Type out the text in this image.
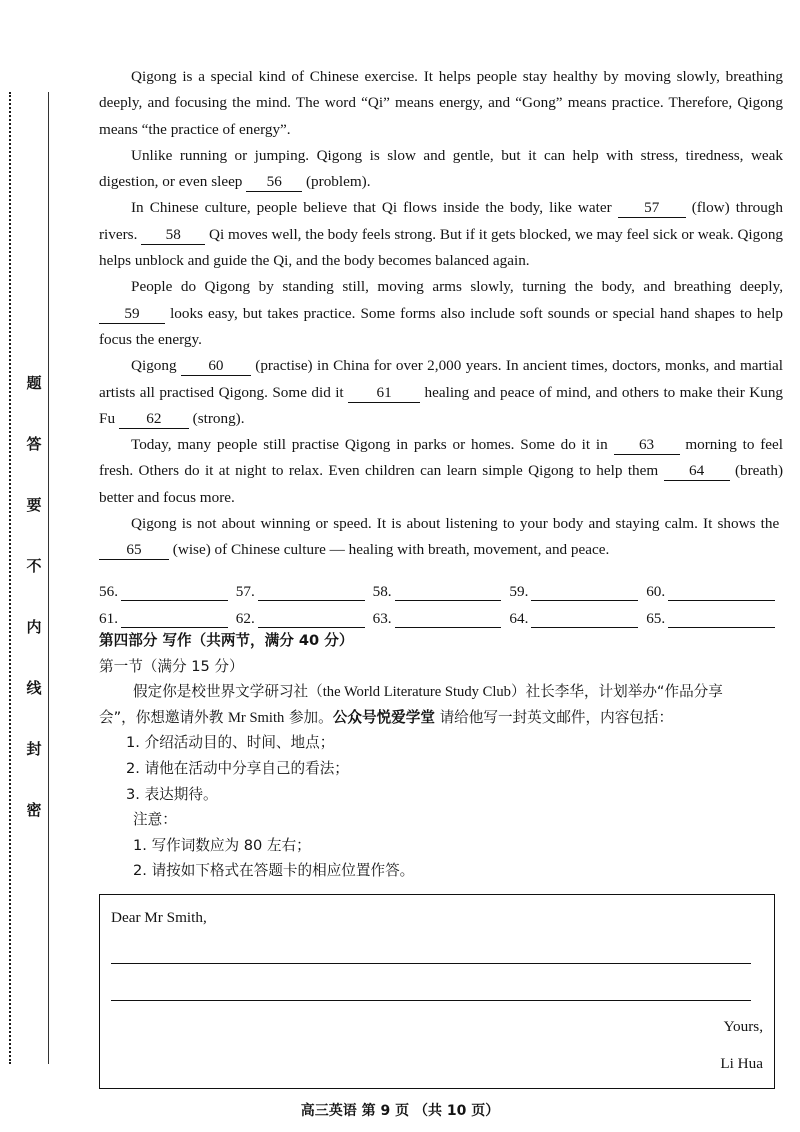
题
答
要
不
内
线
封
密

Qigong is a special kind of Chinese exercise. It helps people stay healthy by moving slowly, breathing deeply, and focusing the mind. The word “Qi” means energy, and “Gong” means practice. Therefore, Qigong means “the practice of energy”.

Unlike running or jumping. Qigong is slow and gentle, but it can help with stress, tiredness, weak digestion, or even sleep 56 (problem).

In Chinese culture, people believe that Qi flows inside the body, like water 57 (flow) through rivers. 58 Qi moves well, the body feels strong. But if it gets blocked, we may feel sick or weak. Qigong helps unblock and guide the Qi, and the body becomes balanced again.

People do Qigong by standing still, moving arms slowly, turning the body, and breathing deeply, 59 looks easy, but takes practice. Some forms also include soft sounds or special hand shapes to help focus the energy.

Qigong 60 (practise) in China for over 2,000 years. In ancient times, doctors, monks, and martial artists all practised Qigong. Some did it 61 healing and peace of mind, and others to make their Kung Fu 62 (strong).

Today, many people still practise Qigong in parks or homes. Some do it in 63 morning to feel fresh. Others do it at night to relax. Even children can learn simple Qigong to help them 64 (breath) better and focus more.

Qigong is not about winning or speed. It is about listening to your body and staying calm. It shows the 65 (wise) of Chinese culture — healing with breath, movement, and peace.

56.	57.	58.	59.	60.
61.	62.	63.	64.	65.
第四部分 写作（共两节，满分 40 分）
第一节（满分 15 分）
假定你是校世界文学研习社（the World Literature Study Club）社长李华，计划举办“作品分享
会”，你想邀请外教 Mr Smith 参加。公众号悦爱学堂 请给他写一封英文邮件，内容包括：
1. 介绍活动目的、时间、地点；
2. 请他在活动中分享自己的看法；
3. 表达期待。
注意：
1. 写作词数应为 80 左右；
2. 请按如下格式在答题卡的相应位置作答。
Dear Mr Smith,
Yours,
Li Hua
高三英语 第 9 页 （共 10 页）
